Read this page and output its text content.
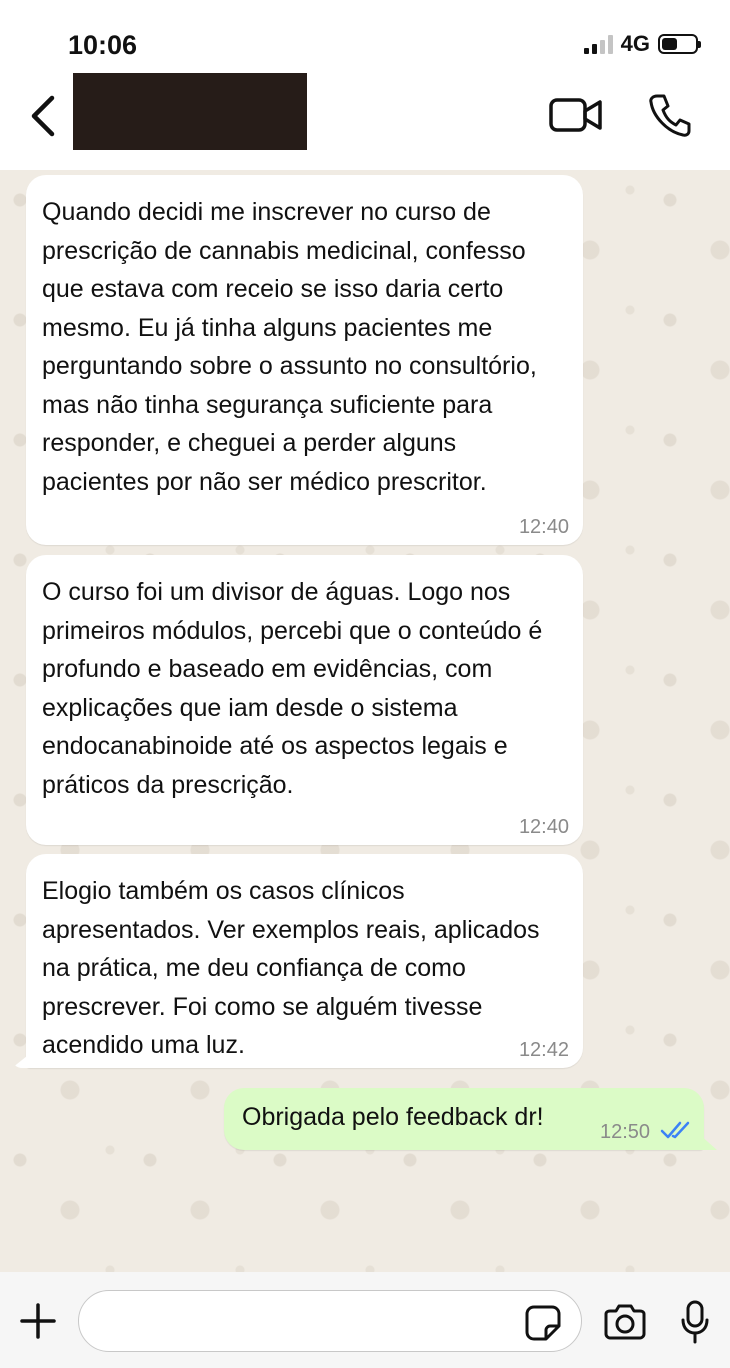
10:06	4G
Quando decidi me inscrever no curso de prescrição de cannabis medicinal, confesso que estava com receio se isso daria certo mesmo. Eu já tinha alguns pacientes me perguntando sobre o assunto no consultório, mas não tinha segurança suficiente para responder, e cheguei a perder alguns pacientes por não ser médico prescritor.
12:40
O curso foi um divisor de águas. Logo nos primeiros módulos, percebi que o conteúdo é profundo e baseado em evidências, com explicações que iam desde o sistema endocanabinoide até os aspectos legais e práticos da prescrição.
12:40
Elogio também os casos clínicos apresentados. Ver exemplos reais, aplicados na prática, me deu confiança de como prescrever. Foi como se alguém tivesse acendido uma luz.	12:42
Obrigada pelo feedback dr!
12:50
